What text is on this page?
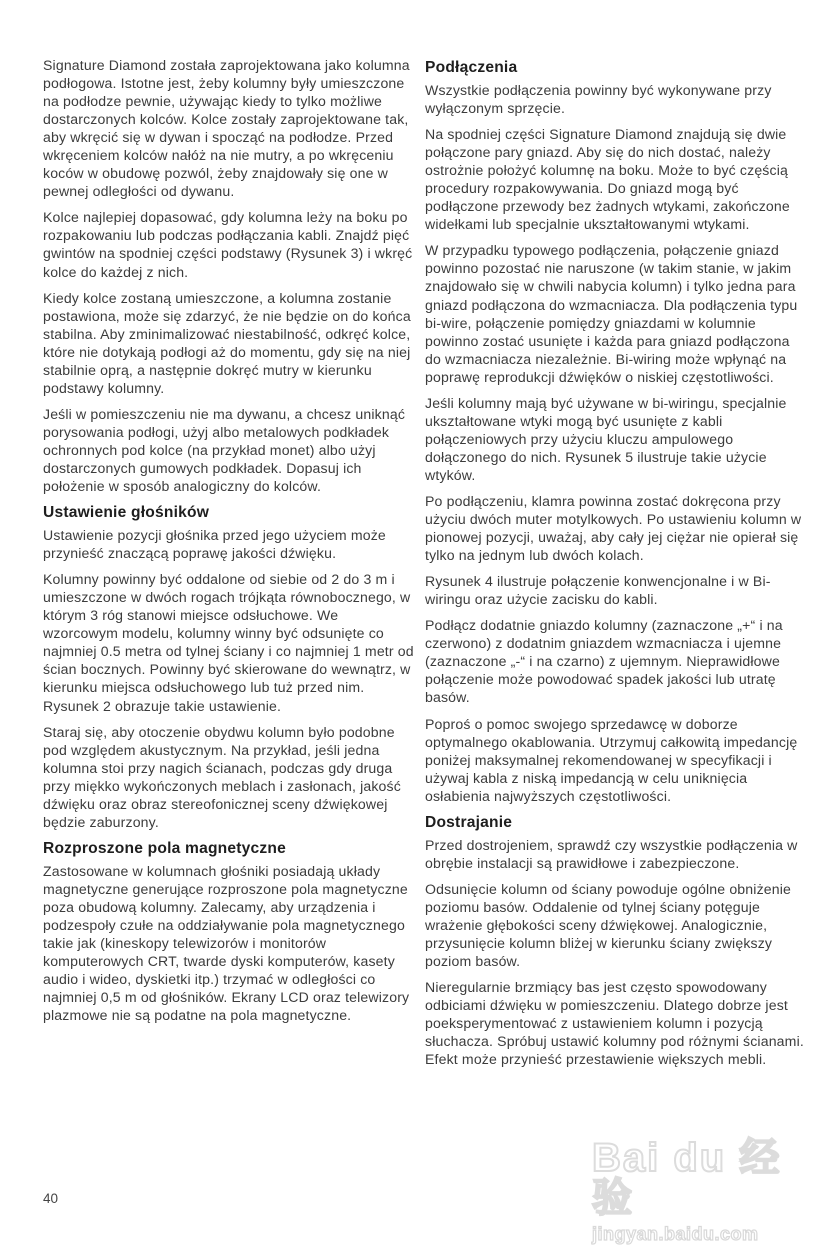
Signature Diamond została zaprojektowana jako kolumna podłogowa. Istotne jest, żeby kolumny były umieszczone na podłodze pewnie, używając kiedy to tylko możliwe dostarczonych kolców. Kolce zostały zaprojektowane tak, aby wkręcić się w dywan i spocząć na podłodze. Przed wkręceniem kolców nałóż na nie mutry, a po wkręceniu koców w obudowę pozwól, żeby znajdowały się one w pewnej odległości od dywanu.

Kolce najlepiej dopasować, gdy kolumna leży na boku po rozpakowaniu lub podczas podłączania kabli. Znajdź pięć gwintów na spodniej części podstawy (Rysunek 3) i wkręć kolce do każdej z nich.

Kiedy kolce zostaną umieszczone, a kolumna zostanie postawiona, może się zdarzyć, że nie będzie on do końca stabilna. Aby zminimalizować niestabilność, odkręć kolce, które nie dotykają podłogi aż do momentu, gdy się na niej stabilnie oprą, a następnie dokręć mutry w kierunku podstawy kolumny.

Jeśli w pomieszczeniu nie ma dywanu, a chcesz uniknąć porysowania podłogi, użyj albo metalowych podkładek ochronnych pod kolce (na przykład monet) albo użyj dostarczonych gumowych podkładek. Dopasuj ich położenie w sposób analogiczny do kolców.

Ustawienie głośników

Ustawienie pozycji głośnika przed jego użyciem może przynieść znaczącą poprawę jakości dźwięku.

Kolumny powinny być oddalone od siebie od 2 do 3 m i umieszczone w dwóch rogach trójkąta równobocznego, w którym 3 róg stanowi miejsce odsłuchowe. We wzorcowym modelu, kolumny winny być odsunięte co najmniej 0.5 metra od tylnej ściany i co najmniej 1 metr od ścian bocznych. Powinny być skierowane do wewnątrz, w kierunku miejsca odsłuchowego lub tuż przed nim. Rysunek 2 obrazuje takie ustawienie.

Staraj się, aby otoczenie obydwu kolumn było podobne pod względem akustycznym. Na przykład, jeśli jedna kolumna stoi przy nagich ścianach, podczas gdy druga przy miękko wykończonych meblach i zasłonach, jakość dźwięku oraz obraz stereofonicznej sceny dźwiękowej będzie zaburzony.

Rozproszone pola magnetyczne

Zastosowane w kolumnach głośniki posiadają układy magnetyczne generujące rozproszone pola magnetyczne poza obudową kolumny. Zalecamy, aby urządzenia i podzespoły czułe na oddziaływanie pola magnetycznego takie jak (kineskopy telewizorów i monitorów komputerowych CRT, twarde dyski komputerów, kasety audio i wideo, dyskietki itp.) trzymać w odległości co najmniej 0,5 m od głośników. Ekrany LCD oraz telewizory plazmowe nie są podatne na pola magnetyczne.

Podłączenia

Wszystkie podłączenia powinny być wykonywane przy wyłączonym sprzęcie.

Na spodniej części Signature Diamond znajdują się dwie połączone pary gniazd. Aby się do nich dostać, należy ostrożnie położyć kolumnę na boku. Może to być częścią procedury rozpakowywania. Do gniazd mogą być podłączone przewody bez żadnych wtykami, zakończone widełkami lub specjalnie ukształtowanymi wtykami.

W przypadku typowego podłączenia, połączenie gniazd powinno pozostać nie naruszone (w takim stanie, w jakim znajdowało się w chwili nabycia kolumn) i tylko jedna para gniazd podłączona do wzmacniacza. Dla podłączenia typu bi-wire, połączenie pomiędzy gniazdami w kolumnie powinno zostać usunięte i każda para gniazd podłączona do wzmacniacza niezależnie. Bi-wiring może wpłynąć na poprawę reprodukcji dźwięków o niskiej częstotliwości.

Jeśli kolumny mają być używane w bi-wiringu, specjalnie ukształtowane wtyki mogą być usunięte z kabli połączeniowych przy użyciu kluczu ampulowego dołączonego do nich. Rysunek 5 ilustruje takie użycie wtyków.

Po podłączeniu, klamra powinna zostać dokręcona przy użyciu dwóch muter motylkowych. Po ustawieniu kolumn w pionowej pozycji, uważaj, aby cały jej ciężar nie opierał się tylko na jednym lub dwóch kolach.

Rysunek 4 ilustruje połączenie konwencjonalne i w Bi-wiringu oraz użycie zacisku do kabli.

Podłącz dodatnie gniazdo kolumny (zaznaczone „+“ i na czerwono) z dodatnim gniazdem wzmacniacza i ujemne (zaznaczone „-“ i na czarno) z ujemnym. Nieprawidłowe połączenie może powodować spadek jakości lub utratę basów.

Poproś o pomoc swojego sprzedawcę w doborze optymalnego okablowania. Utrzymuj całkowitą impedancję poniżej maksymalnej rekomendowanej w specyfikacji i używaj kabla z niską impedancją w celu uniknięcia osłabienia najwyższych częstotliwości.

Dostrajanie

Przed dostrojeniem, sprawdź czy wszystkie podłączenia w obrębie instalacji są prawidłowe i zabezpieczone.

Odsunięcie kolumn od ściany powoduje ogólne obniżenie poziomu basów. Oddalenie od tylnej ściany potęguje wrażenie głębokości sceny dźwiękowej. Analogicznie, przysunięcie kolumn bliżej w kierunku ściany zwiększy poziom basów.

Nieregularnie brzmiący bas jest często spowodowany odbiciami dźwięku w pomieszczeniu. Dlatego dobrze jest poeksperymentować z ustawieniem kolumn i pozycją słuchacza. Spróbuj ustawić kolumny pod różnymi ścianami. Efekt może przynieść przestawienie większych mebli.

40
Bai du 经验
jingyan.baidu.com
